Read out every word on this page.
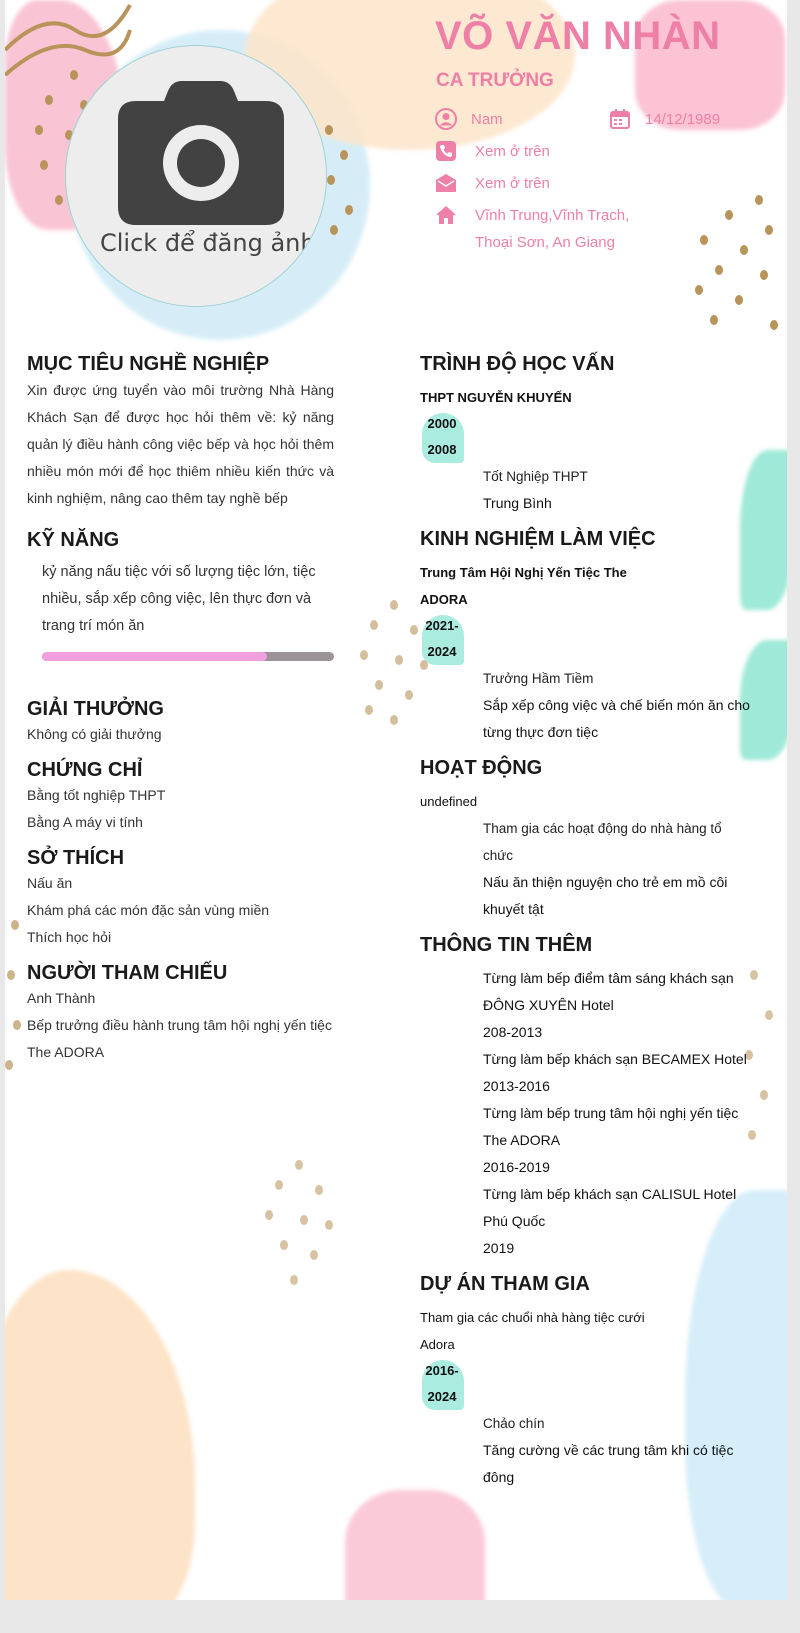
Click để đăng ảnh
VÕ VĂN NHÀN
CA TRƯỞNG
Nam	14/12/1989
Xem ở trên
Xem ở trên
Vĩnh Trung,Vĩnh Trạch,
Thoại Sơn, An Giang
MỤC TIÊU NGHỀ NGHIỆP
Xin được ứng tuyển vào môi trường Nhà Hàng Khách Sạn để được học hỏi thêm về: kỷ năng quản lý điều hành công việc bếp và học hỏi thêm nhiều món mới để học thiêm nhiều kiến thức và kinh nghiệm, nâng cao thêm tay nghề bếp
KỸ NĂNG
kỷ năng nấu tiệc với số lượng tiệc lớn, tiệc nhiều, sắp xếp công việc, lên thực đơn và trang trí món ăn
GIẢI THƯỞNG
Không có giải thưởng
CHỨNG CHỈ
Bằng tốt nghiệp THPT
Bằng A máy vi tính
SỞ THÍCH
Nấu ăn
Khám phá các món đặc sản vùng miền
Thích học hỏi
NGƯỜI THAM CHIẾU
Anh Thành
Bếp trưởng điều hành trung tâm hội nghị yến tiệc The ADORA
TRÌNH ĐỘ HỌC VẤN
THPT NGUYỄN KHUYẾN
2000
2008
Tốt Nghiệp THPT
Trung Bình
KINH NGHIỆM LÀM VIỆC
Trung Tâm Hội Nghị Yến Tiệc The
ADORA
2021-
2024
Trưởng Hầm Tiềm
Sắp xếp công việc và chế biến món ăn cho từng thực đơn tiệc
HOẠT ĐỘNG
undefined
Tham gia các hoạt động do nhà hàng tổ chức
Nấu ăn thiện nguyện cho trẻ em mồ côi khuyết tật
THÔNG TIN THÊM
Từng làm bếp điểm tâm sáng khách sạn ĐÔNG XUYÊN Hotel
208-2013
Từng làm bếp khách sạn BECAMEX Hotel
2013-2016
Từng làm bếp trung tâm hội nghị yến tiệc The ADORA
2016-2019
Từng làm bếp khách sạn CALISUL Hotel Phú Quốc
2019
DỰ ÁN THAM GIA
Tham gia các chuổi nhà hàng tiệc cưới
Adora
2016-
2024
Chảo chín
Tăng cường về các trung tâm khi có tiệc đông
